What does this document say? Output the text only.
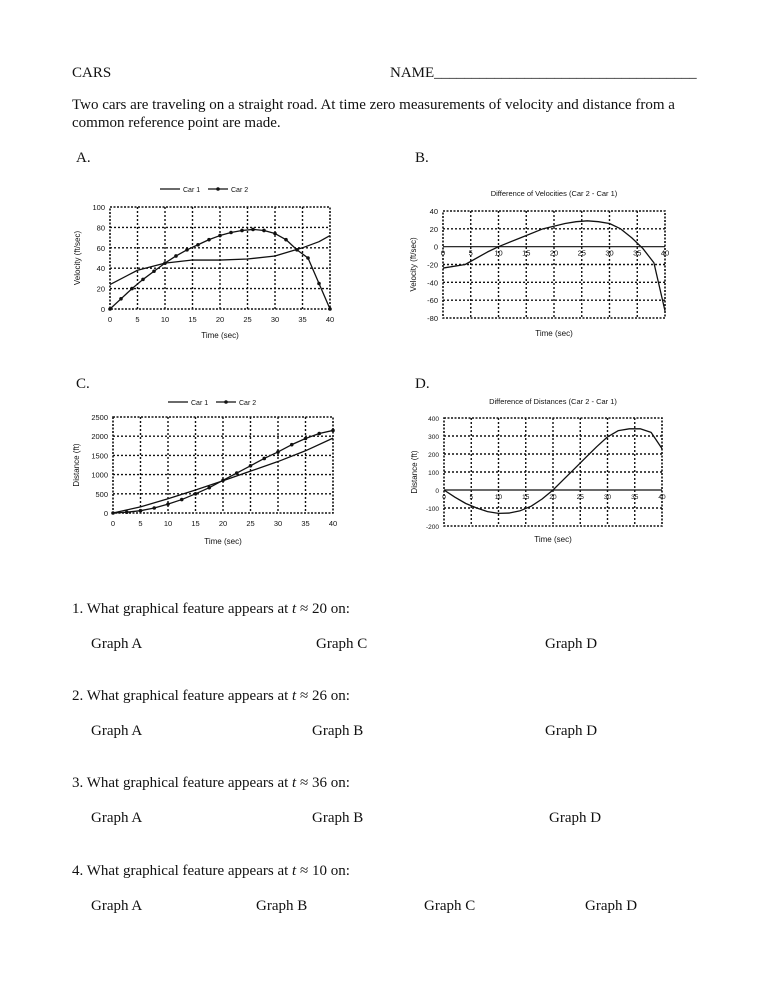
CARS	NAME___________________________________
Two cars are traveling on a straight road. At time zero measurements of velocity and distance from a common reference point are made.
A.	B.
C.	D.
0	5	10	15	20	25	30	35	40
0
20
40
60
80
100
Time (sec)
Velocity (ft/sec)
Car 1	Car 2
0	5	10	15	20	25	30	35	40
40
20
0
-20
-40
-60
-80
Time (sec)
Velocity (ft/sec)
Difference of Velocities (Car 2 - Car 1)
0	5	10	15	20	25	30	35	40
0
500
1000
1500
2000
2500
Time (sec)
Distance (ft)
Car 1	Car 2
0	5	10	15	20	25	30	35	40
400
300
200
100
0
-100
-200
Time (sec)
Distance (ft)
Difference of Distances (Car 2 - Car 1)
1. What graphical feature appears at t ≈ 20 on:
Graph A	Graph C	Graph D
2. What graphical feature appears at t ≈ 26 on:
Graph A	Graph B	Graph D
3. What graphical feature appears at t ≈ 36 on:
Graph A	Graph B	Graph D
4. What graphical feature appears at t ≈ 10 on:
Graph A	Graph B	Graph C	Graph D
